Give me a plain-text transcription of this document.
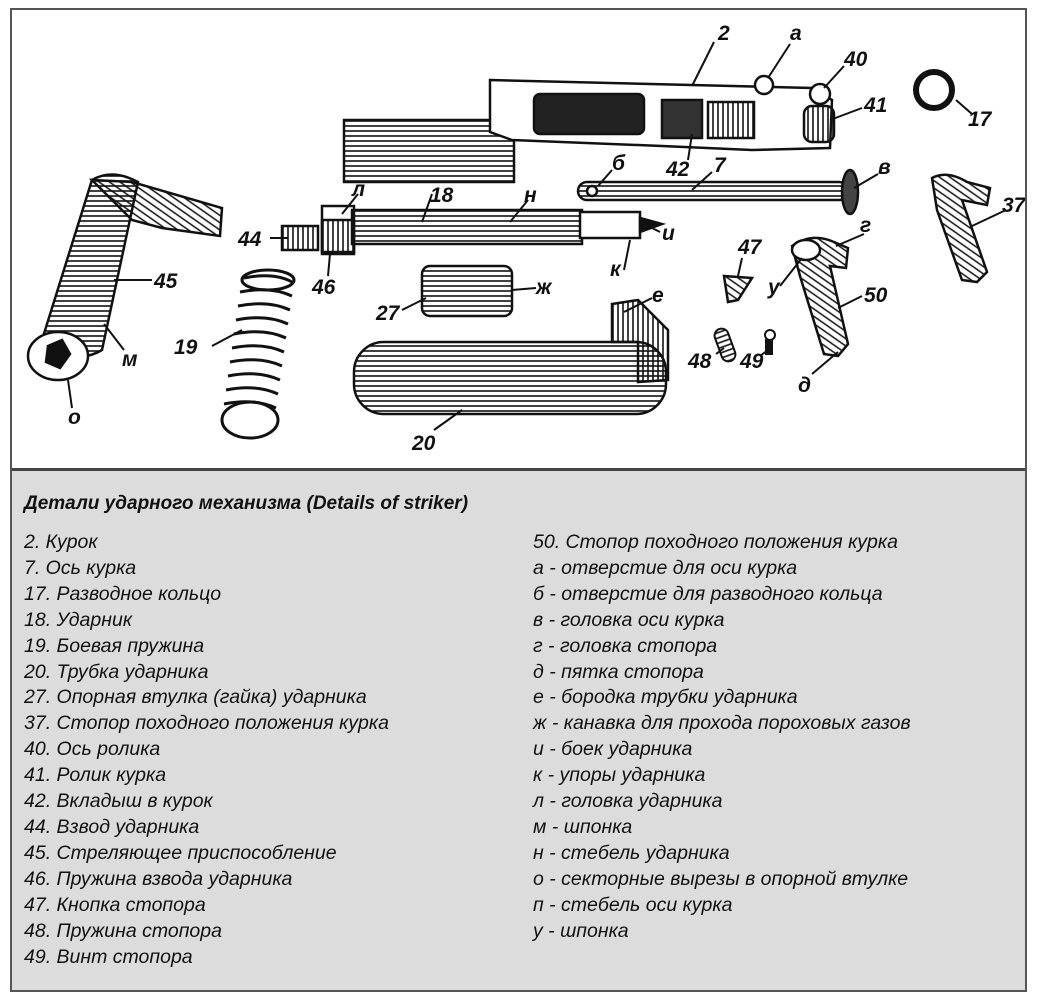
2	а
40
41
17
42
б	7	в
37
л	18	н
44	и
46
к
45
47
г
у	50
27
ж	е
19
м	48 49
д
о
20
Детали ударного механизма (Details of striker)
2. Курок
7. Ось курка
17. Разводное кольцо
18. Ударник
19. Боевая пружина
20. Трубка ударника
27. Опорная втулка (гайка) ударника
37. Стопор походного положения курка
40. Ось ролика
41. Ролик курка
42. Вкладыш в курок
44. Взвод ударника
45. Стреляющее приспособление
46. Пружина взвода ударника
47. Кнопка стопора
48. Пружина стопора
49. Винт стопора
50. Стопор походного положения курка
а - отверстие для оси курка
б - отверстие для разводного кольца
в - головка оси курка
г - головка стопора
д - пятка стопора
е - бородка трубки ударника
ж - канавка для прохода пороховых газов
и - боек ударника
к - упоры ударника
л - головка ударника
м - шпонка
н - стебель ударника
о - секторные вырезы в опорной втулке
п - стебель оси курка
у - шпонка
